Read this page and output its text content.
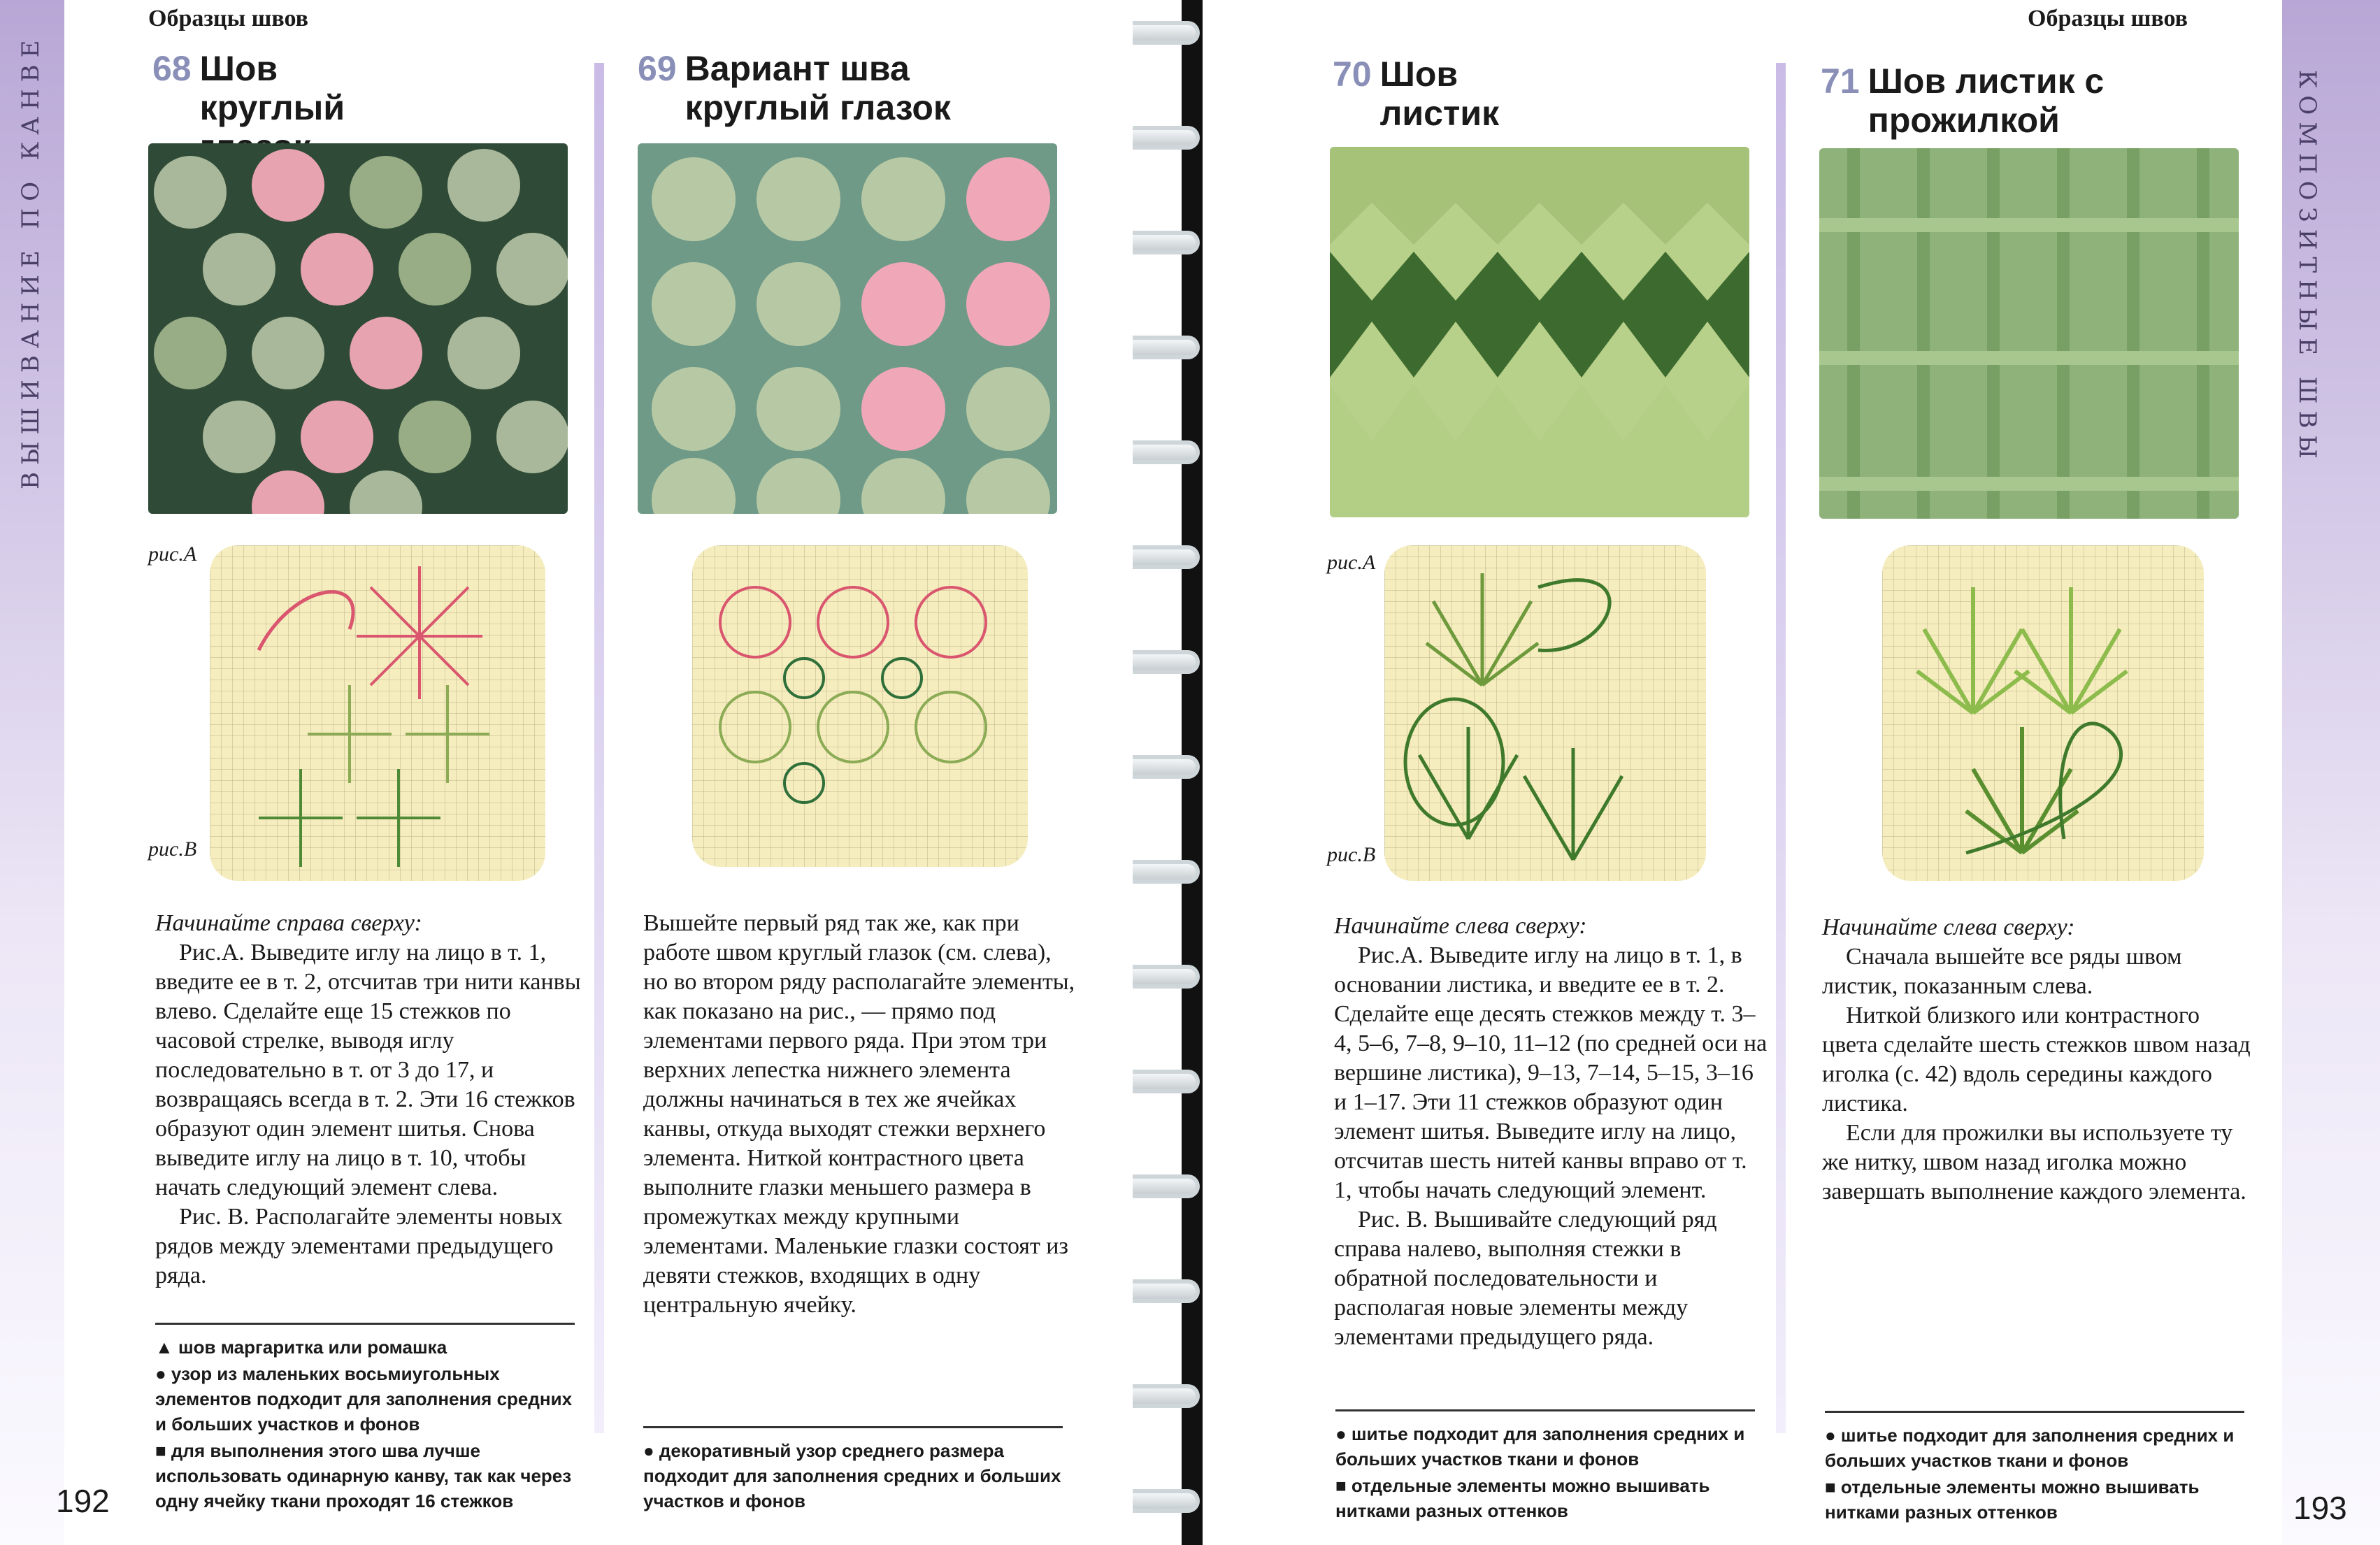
ВЫШИВАНИЕ ПО КАНВЕ
Образцы швов
68 Шов круглый
рис.А
рис.В

Начинайте справа сверху:

Рис.А. Выведите иглу на лицо в т. 1, введите ее в т. 2, отсчитав три нити канвы влево. Сделайте еще 15 стежков по часовой стрелке, выводя иглу последовательно в т. от 3 до 17, и возвращаясь всегда в т. 2. Эти 16 стежков образуют один элемент шитья. Снова выведите иглу на лицо в т. 10, чтобы начать следующий элемент слева.

Рис. В. Располагайте элементы новых рядов между элементами предыдущего ряда.

▲ шов маргаритка или ромашка
● узор из маленьких восьмиугольных элементов подходит для заполнения средних и больших участков и фонов
■ для выполнения этого шва лучше использовать одинарную канву, так как через одну ячейку ткани проходят 16 стежков
69 Вариант шва круглый глазок

Вышейте первый ряд так же, как при работе швом круглый глазок (см. слева), но во втором ряду располагайте элементы, как показано на рис., — прямо под элементами первого ряда. При этом три верхних лепестка нижнего элемента должны начинаться в тех же ячейках канвы, откуда выходят стежки верхнего элемента. Ниткой контрастного цвета выполните глазки меньшего размера в промежутках между крупными элементами. Маленькие глазки состоят из девяти стежков, входящих в одну центральную ячейку.

● декоративный узор среднего размера подходит для заполнения средних и больших участков и фонов
192
КОМПОЗИТНЫЕ ШВЫ
Образцы швов
70 Шов листик
рис.А
рис.В

Начинайте слева сверху:

Рис.А. Выведите иглу на лицо в т. 1, в основании листика, и введите ее в т. 2. Сделайте еще десять стежков между т. 3–4, 5–6, 7–8, 9–10, 11–12 (по средней оси на вершине листика), 9–13, 7–14, 5–15, 3–16 и 1–17. Эти 11 стежков образуют один элемент шитья. Выведите иглу на лицо, отсчитав шесть нитей канвы вправо от т. 1, чтобы начать следующий элемент.

Рис. В. Вышивайте следующий ряд справа налево, выполняя стежки в обратной последовательности и располагая новые элементы между элементами предыдущего ряда.

● шитье подходит для заполнения средних и больших участков ткани и фонов
■ отдельные элементы можно вышивать нитками разных оттенков
71 Шов листик с прожилкой

Начинайте слева сверху:

Сначала вышейте все ряды швом листик, показанным слева.

Ниткой близкого или контрастного цвета сделайте шесть стежков швом назад иголка (с. 42) вдоль середины каждого листика.

Если для прожилки вы используете ту же нитку, швом назад иголка можно завершать выполнение каждого элемента.

● шитье подходит для заполнения средних и больших участков ткани и фонов
■ отдельные элементы можно вышивать нитками разных оттенков	193
